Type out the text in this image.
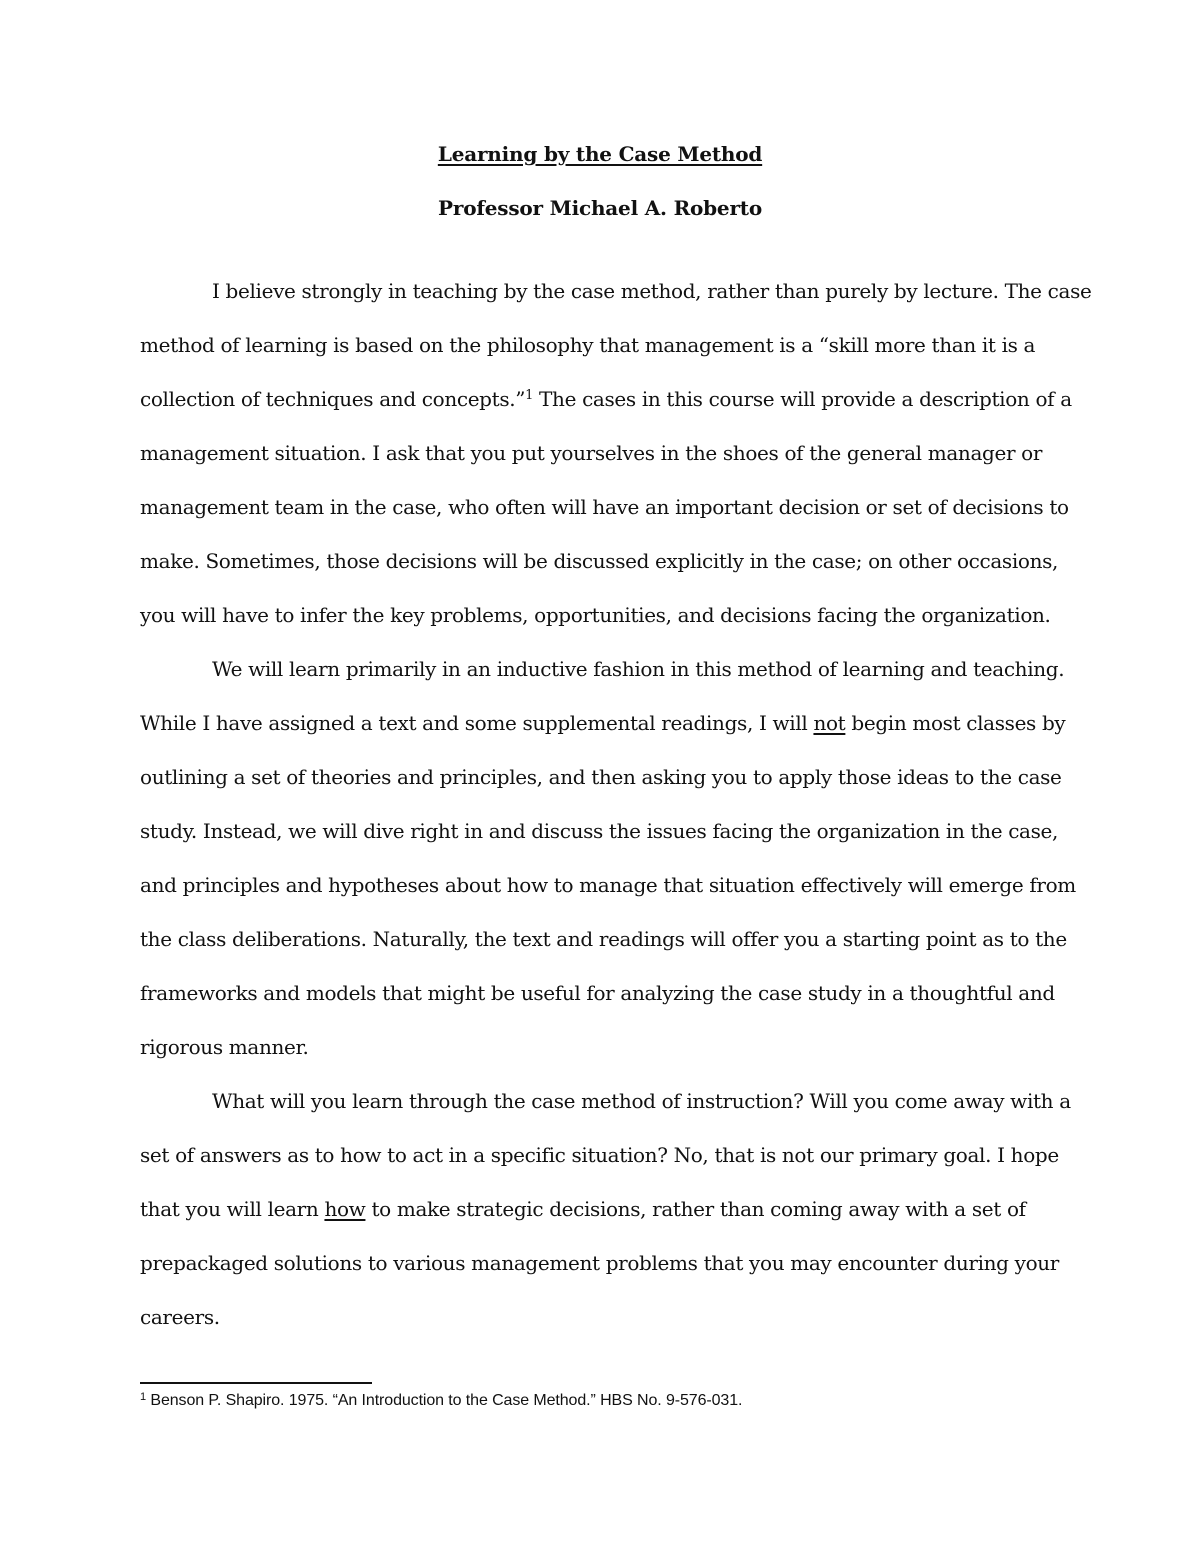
Learning by the Case Method
Professor Michael A. Roberto
I believe strongly in teaching by the case method, rather than purely by lecture. The case
method of learning is based on the philosophy that management is a “skill more than it is a
collection of techniques and concepts.”$^1$ The cases in this course will provide a description of a
management situation. I ask that you put yourselves in the shoes of the general manager or
management team in the case, who often will have an important decision or set of decisions to
make. Sometimes, those decisions will be discussed explicitly in the case; on other occasions,
you will have to infer the key problems, opportunities, and decisions facing the organization.
We will learn primarily in an inductive fashion in this method of learning and teaching.
While I have assigned a text and some supplemental readings, I will not begin most classes by
outlining a set of theories and principles, and then asking you to apply those ideas to the case
study. Instead, we will dive right in and discuss the issues facing the organization in the case,
and principles and hypotheses about how to manage that situation effectively will emerge from
the class deliberations. Naturally, the text and readings will offer you a starting point as to the
frameworks and models that might be useful for analyzing the case study in a thoughtful and
rigorous manner.
What will you learn through the case method of instruction? Will you come away with a
set of answers as to how to act in a specific situation? No, that is not our primary goal. I hope
that you will learn how to make strategic decisions, rather than coming away with a set of
prepackaged solutions to various management problems that you may encounter during your
careers.
$^1$ Benson P. Shapiro. 1975. “An Introduction to the Case Method.” HBS No. 9-576-031.
